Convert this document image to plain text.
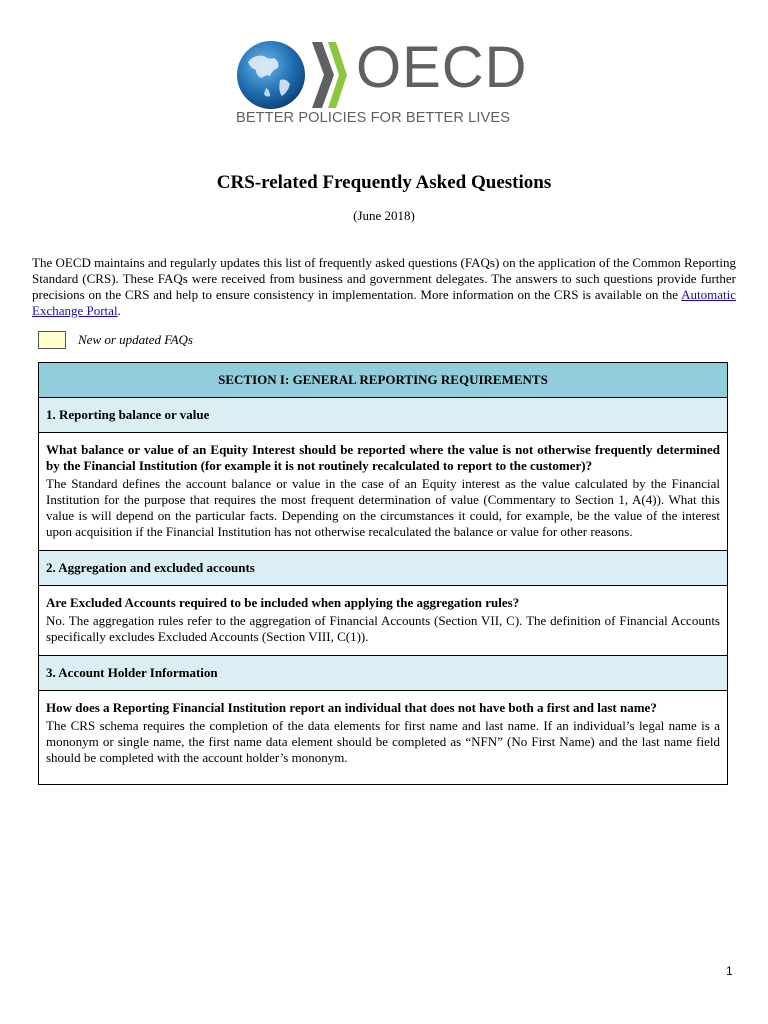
OECD
BETTER POLICIES FOR BETTER LIVES
CRS-related Frequently Asked Questions
(June 2018)
The OECD maintains and regularly updates this list of frequently asked questions (FAQs) on the application of the Common Reporting Standard (CRS). These FAQs were received from business and government delegates. The answers to such questions provide further precisions on the CRS and help to ensure consistency in implementation. More information on the CRS is available on the Automatic Exchange Portal.
New or updated FAQs
SECTION I: GENERAL REPORTING REQUIREMENTS
1. Reporting balance or value
What balance or value of an Equity Interest should be reported where the value is not otherwise frequently determined by the Financial Institution (for example it is not routinely recalculated to report to the customer)?
The Standard defines the account balance or value in the case of an Equity interest as the value calculated by the Financial Institution for the purpose that requires the most frequent determination of value (Commentary to Section 1, A(4)). What this value is will depend on the particular facts. Depending on the circumstances it could, for example, be the value of the interest upon acquisition if the Financial Institution has not otherwise recalculated the balance or value for other reasons.
2. Aggregation and excluded accounts
Are Excluded Accounts required to be included when applying the aggregation rules?
No. The aggregation rules refer to the aggregation of Financial Accounts (Section VII, C). The definition of Financial Accounts specifically excludes Excluded Accounts (Section VIII, C(1)).
3. Account Holder Information
How does a Reporting Financial Institution report an individual that does not have both a first and last name?
The CRS schema requires the completion of the data elements for first name and last name. If an individual’s legal name is a mononym or single name, the first name data element should be completed as “NFN” (No First Name) and the last name field should be completed with the account holder’s mononym.
1
